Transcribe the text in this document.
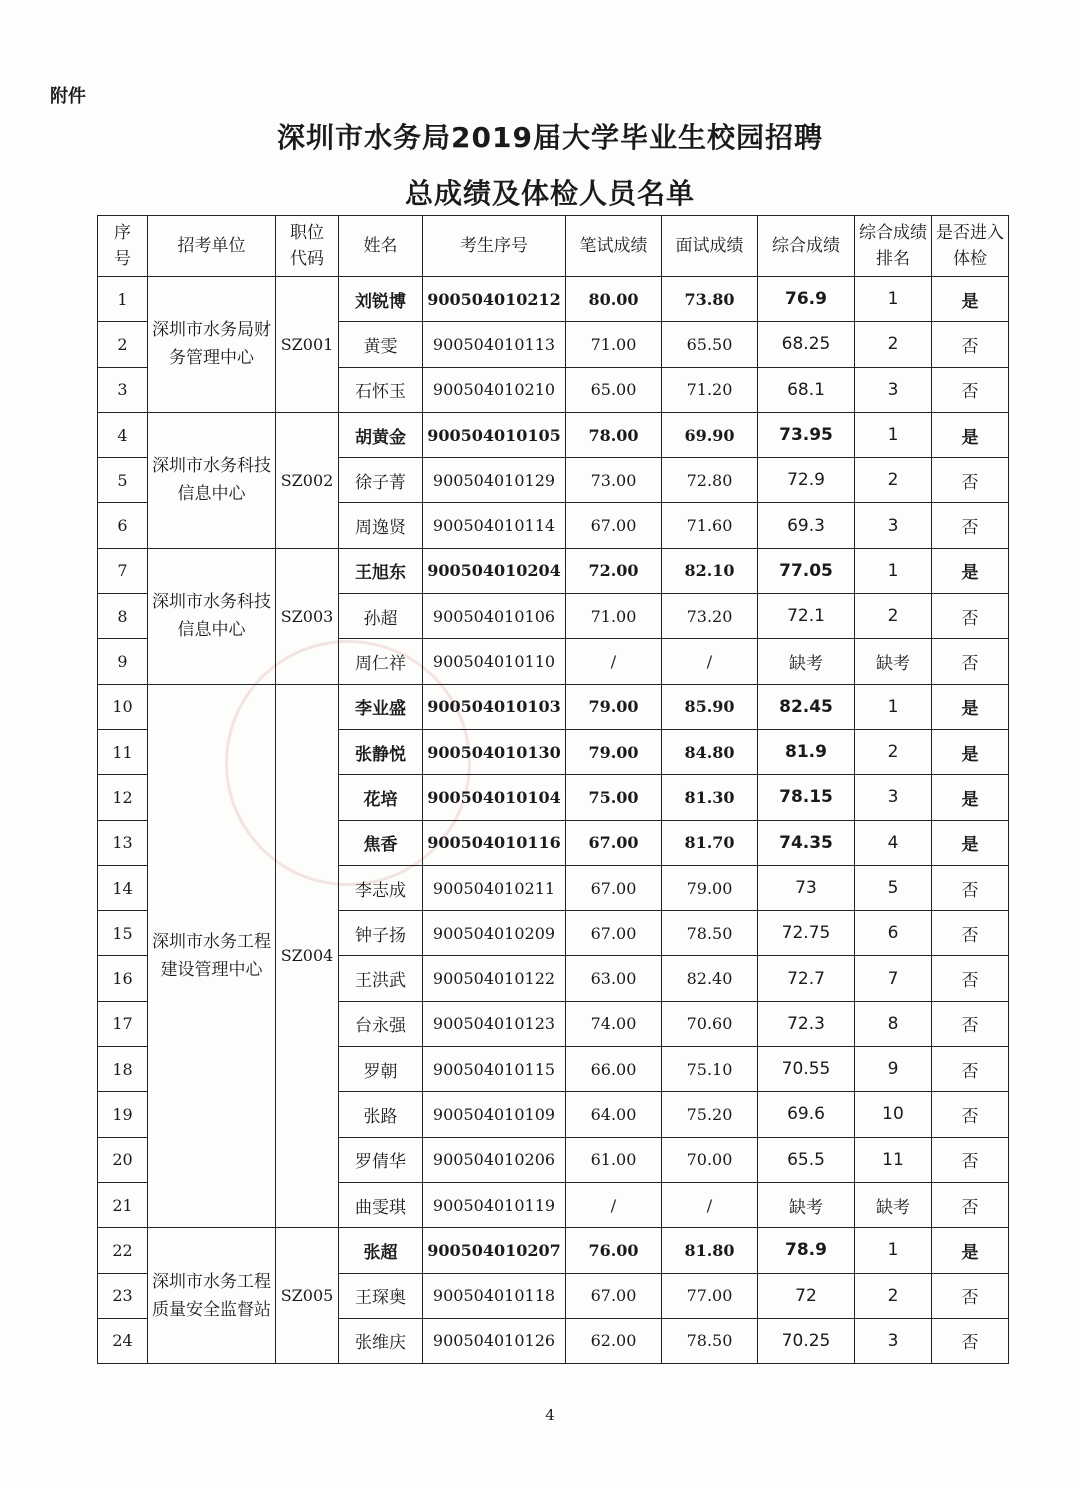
附件
深圳市水务局2019届大学毕业生校园招聘
总成绩及体检人员名单
序号	招考单位	职位代码	姓名	考生序号	笔试成绩	面试成绩	综合成绩	综合成绩排名	是否进入体检
1	深圳市水务局财务管理中心	SZ001	刘锐博	900504010212	80.00	73.80	76.9	1	是
2			黄雯	900504010113	71.00	65.50	68.25	2	否
3			石怀玉	900504010210	65.00	71.20	68.1	3	否
4	深圳市水务科技信息中心	SZ002	胡黄金	900504010105	78.00	69.90	73.95	1	是
5			徐子菁	900504010129	73.00	72.80	72.9	2	否
6			周逸贤	900504010114	67.00	71.60	69.3	3	否
7	深圳市水务科技信息中心	SZ003	王旭东	900504010204	72.00	82.10	77.05	1	是
8			孙超	900504010106	71.00	73.20	72.1	2	否
9			周仁祥	900504010110	/	/	缺考	缺考	否
10	深圳市水务工程建设管理中心	SZ004	李业盛	900504010103	79.00	85.90	82.45	1	是
11			张静悦	900504010130	79.00	84.80	81.9	2	是
12			花培	900504010104	75.00	81.30	78.15	3	是
13			焦香	900504010116	67.00	81.70	74.35	4	是
14			李志成	900504010211	67.00	79.00	73	5	否
15			钟子扬	900504010209	67.00	78.50	72.75	6	否
16			王洪武	900504010122	63.00	82.40	72.7	7	否
17			台永强	900504010123	74.00	70.60	72.3	8	否
18			罗朝	900504010115	66.00	75.10	70.55	9	否
19			张路	900504010109	64.00	75.20	69.6	10	否
20			罗倩华	900504010206	61.00	70.00	65.5	11	否
21			曲雯琪	900504010119	/	/	缺考	缺考	否
22	深圳市水务工程质量安全监督站	SZ005	张超	900504010207	76.00	81.80	78.9	1	是
23			王琛奥	900504010118	67.00	77.00	72	2	否
24			张维庆	900504010126	62.00	78.50	70.25	3	否
4
